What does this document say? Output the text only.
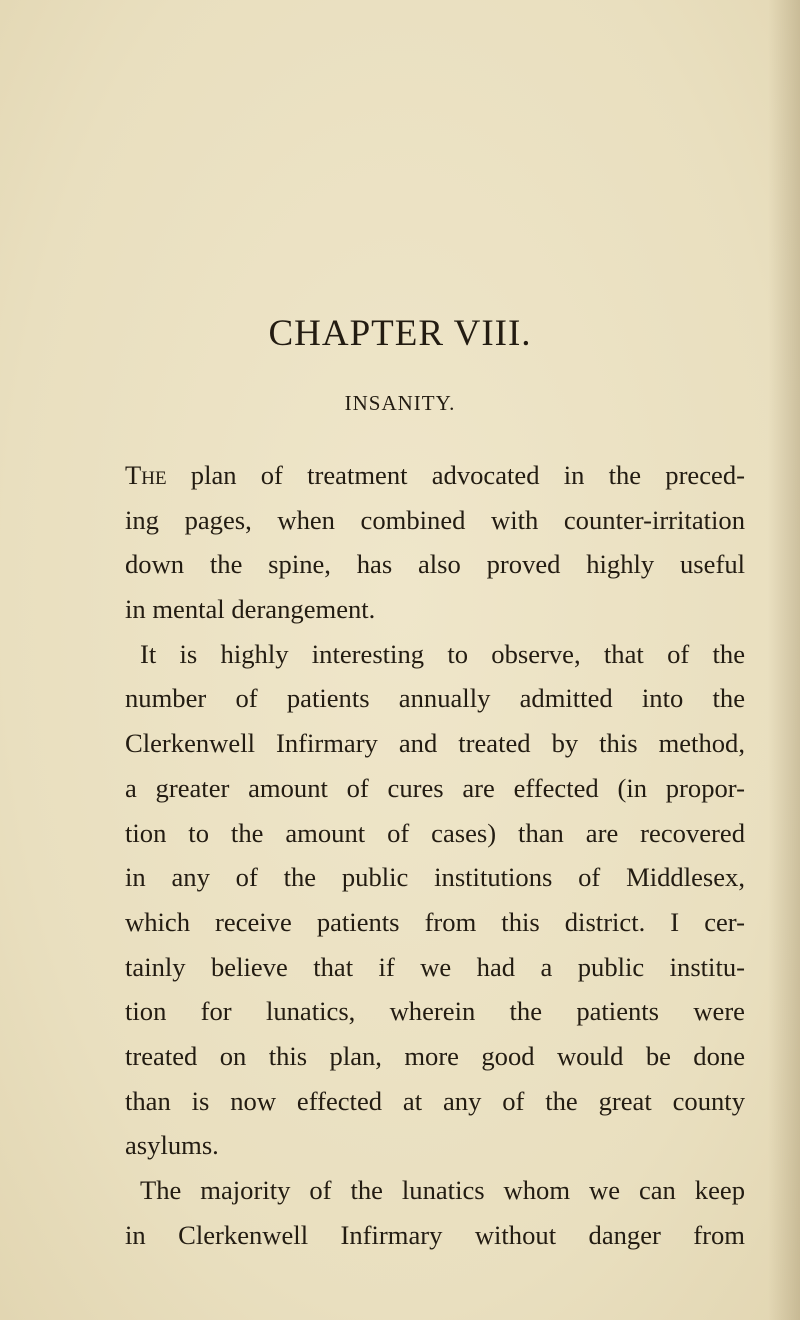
CHAPTER VIII.
INSANITY.
The plan of treatment advocated in the preced-
ing pages, when combined with counter-irritation
down the spine, has also proved highly useful
in mental derangement.
It is highly interesting to observe, that of the
number of patients annually admitted into the
Clerkenwell Infirmary and treated by this method,
a greater amount of cures are effected (in propor-
tion to the amount of cases) than are recovered
in any of the public institutions of Middlesex,
which receive patients from this district. I cer-
tainly believe that if we had a public institu-
tion for lunatics, wherein the patients were
treated on this plan, more good would be done
than is now effected at any of the great county
asylums.
The majority of the lunatics whom we can keep
in Clerkenwell Infirmary without danger from
